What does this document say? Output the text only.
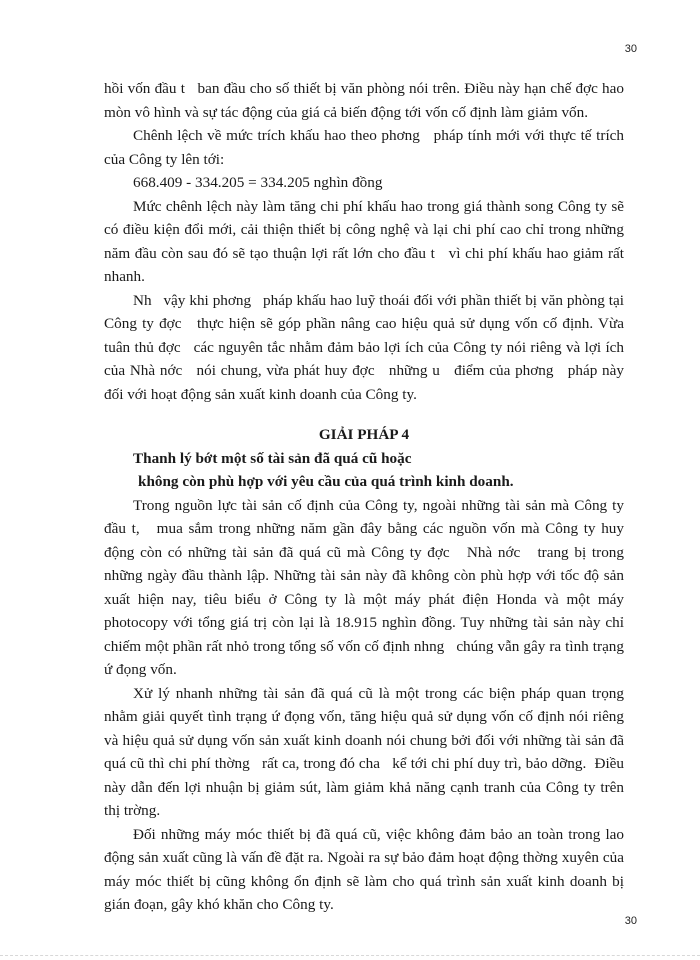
30

hồi vốn đầu t   ban đầu cho số thiết bị văn phòng nói trên. Điều này hạn chế đợc hao mòn vô hình và sự tác động của giá cả biến động tới vốn cố định làm giảm vốn.

Chênh lệch về mức trích khấu hao theo phơng   pháp tính mới với thực tế trích của Công ty lên tới:

668.409 - 334.205 = 334.205 nghìn đồng

Mức chênh lệch này làm tăng chi phí khấu hao trong giá thành song Công ty sẽ có điều kiện đổi mới, cải thiện thiết bị công nghệ và lại chi phí cao chỉ trong những năm đầu còn sau đó sẽ tạo thuận lợi rất lớn cho đầu t   vì chi phí khấu hao giảm rất nhanh.

Nh   vậy khi phơng   pháp khấu hao luỹ thoái đối với phần thiết bị văn phòng tại Công ty đợc   thực hiện sẽ góp phần nâng cao hiệu quả sử dụng vốn cố định. Vừa tuân thủ đợc   các nguyên tắc nhằm đảm bảo lợi ích của Công ty nói riêng và lợi ích của Nhà nớc   nói chung, vừa phát huy đợc   những u   điểm của phơng   pháp này đối với hoạt động sản xuất kinh doanh của Công ty.

GIẢI PHÁP 4

Thanh lý bớt một số tài sản đã quá cũ hoặc

không còn phù hợp với yêu cầu của quá trình kinh doanh.

Trong nguồn lực tài sản cố định của Công ty, ngoài những tài sản mà Công ty đầu t,   mua sắm trong những năm gần đây bằng các nguồn vốn mà Công ty huy động còn có những tài sản đã quá cũ mà Công ty đợc   Nhà nớc   trang bị trong những ngày đầu thành lập. Những tài sản này đã không còn phù hợp với tốc độ sản xuất hiện nay, tiêu biểu ở Công ty là một máy phát điện Honda và một máy photocopy với tổng giá trị còn lại là 18.915 nghìn đồng. Tuy những tài sản này chỉ chiếm một phần rất nhỏ trong tổng số vốn cố định nhng   chúng vẫn gây ra tình trạng ứ đọng vốn.

Xử lý nhanh những tài sản đã quá cũ là một trong các biện pháp quan trọng nhằm giải quyết tình trạng ứ đọng vốn, tăng hiệu quả sử dụng vốn cố định nói riêng và hiệu quả sử dụng vốn sản xuất kinh doanh nói chung bởi đối với những tài sản đã quá cũ thì chi phí thờng   rất ca, trong đó cha   kể tới chi phí duy trì, bảo dỡng.  Điều này dẫn đến lợi nhuận bị giảm sút, làm giảm khả năng cạnh tranh của Công ty trên thị trờng.

Đối những máy móc thiết bị đã quá cũ, việc không đảm bảo an toàn trong lao động sản xuất cũng là vấn đề đặt ra. Ngoài ra sự bảo đảm hoạt động thờng xuyên của máy móc thiết bị cũng không ổn định sẽ làm cho quá trình sản xuất kinh doanh bị gián đoạn, gây khó khăn cho Công ty.

30
